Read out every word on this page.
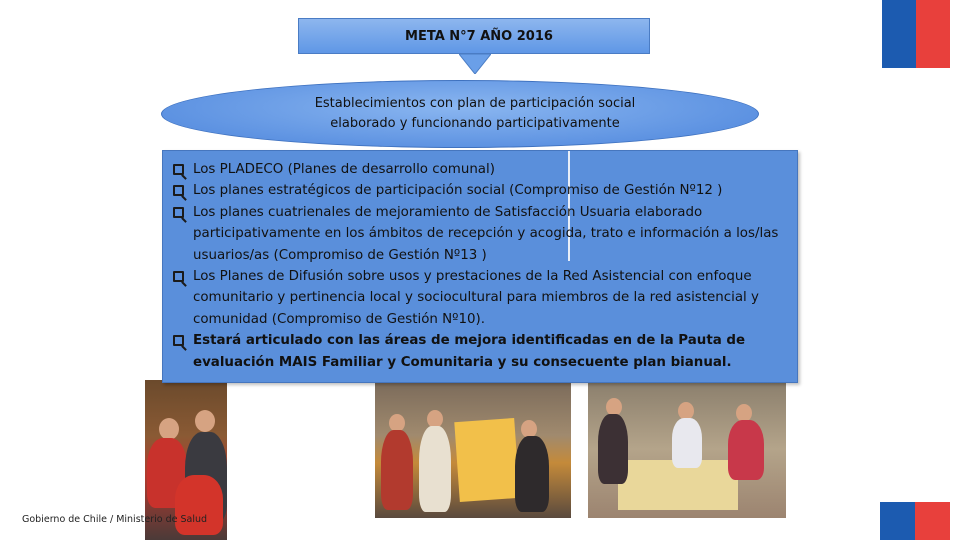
META N°7 AÑO 2016
Establecimientos con plan de participación social
elaborado y funcionando participativamente
Los PLADECO (Planes de desarrollo comunal)
Los planes estratégicos de participación social (Compromiso de Gestión Nº12 )
Los planes cuatrienales de mejoramiento de Satisfacción Usuaria elaborado participativamente en los ámbitos de recepción y acogida, trato e información a los/las usuarios/as (Compromiso de Gestión Nº13 )
Los Planes de Difusión sobre usos y prestaciones de la Red Asistencial con enfoque comunitario y pertinencia local y sociocultural para miembros de la red asistencial y comunidad (Compromiso de Gestión Nº10).
Estará articulado con las áreas de mejora identificadas en de la Pauta de evaluación MAIS Familiar y Comunitaria y su consecuente plan bianual.
Gobierno de Chile / Ministerio de Salud
